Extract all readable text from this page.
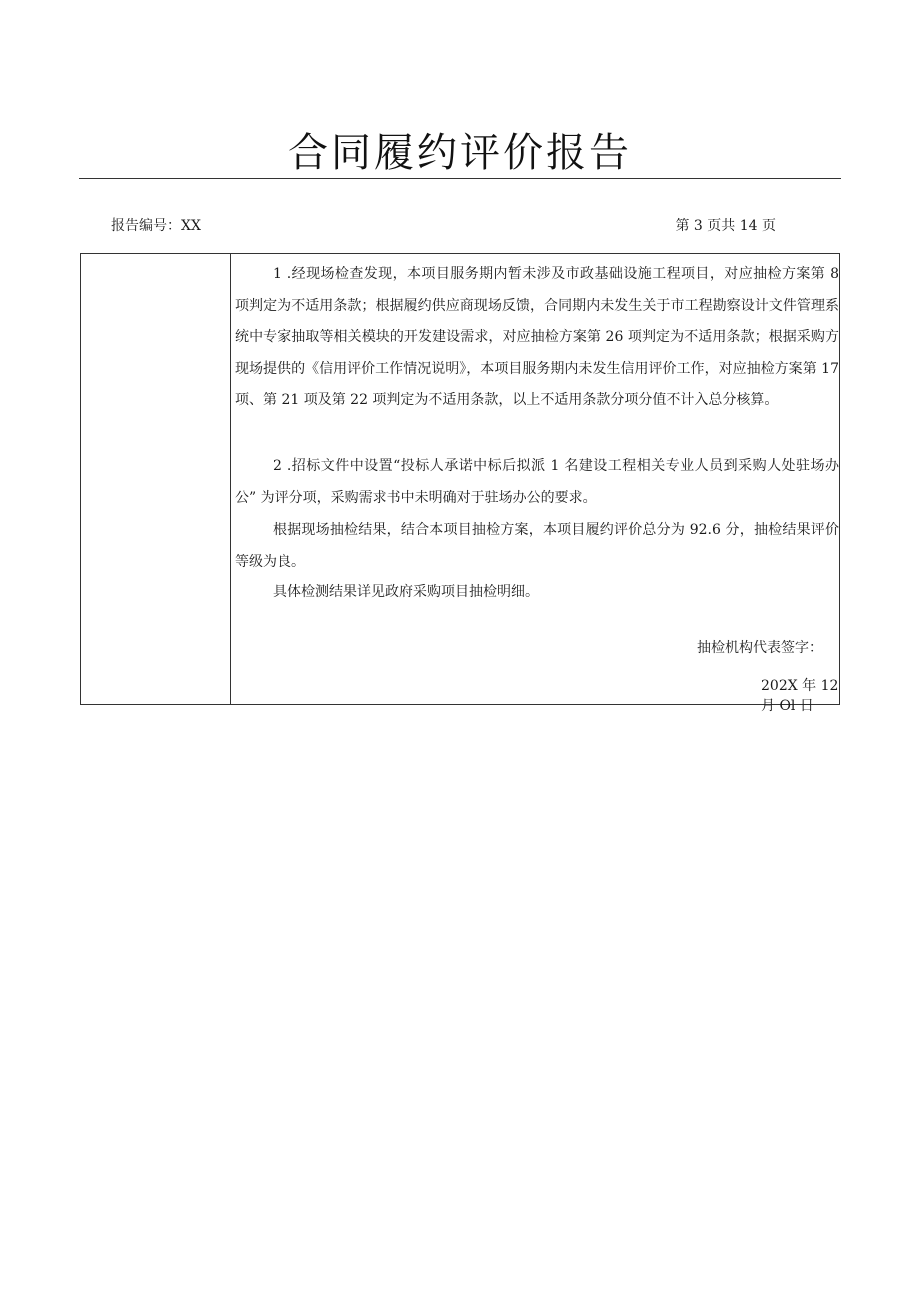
合同履约评价报告
报告编号：XX	第 3 页共 14 页

1 .经现场检查发现，本项目服务期内暂未涉及市政基础设施工程项目，对应抽检方案第 8 项判定为不适用条款；根据履约供应商现场反馈，合同期内未发生关于市工程勘察设计文件管理系统中专家抽取等相关模块的开发建设需求，对应抽检方案第 26 项判定为不适用条款；根据采购方现场提供的《信用评价工作情况说明》，本项目服务期内未发生信用评价工作，对应抽检方案第 17 项、第 21 项及第 22 项判定为不适用条款，以上不适用条款分项分值不计入总分核算。

2 .招标文件中设置“投标人承诺中标后拟派 1 名建设工程相关专业人员到采购人处驻场办公” 为评分项，采购需求书中未明确对于驻场办公的要求。

根据现场抽检结果，结合本项目抽检方案，本项目履约评价总分为 92.6 分，抽检结果评价等级为良。

具体检测结果详见政府采购项目抽检明细。

抽检机构代表签字：
202X 年 12 月 Ol 日
